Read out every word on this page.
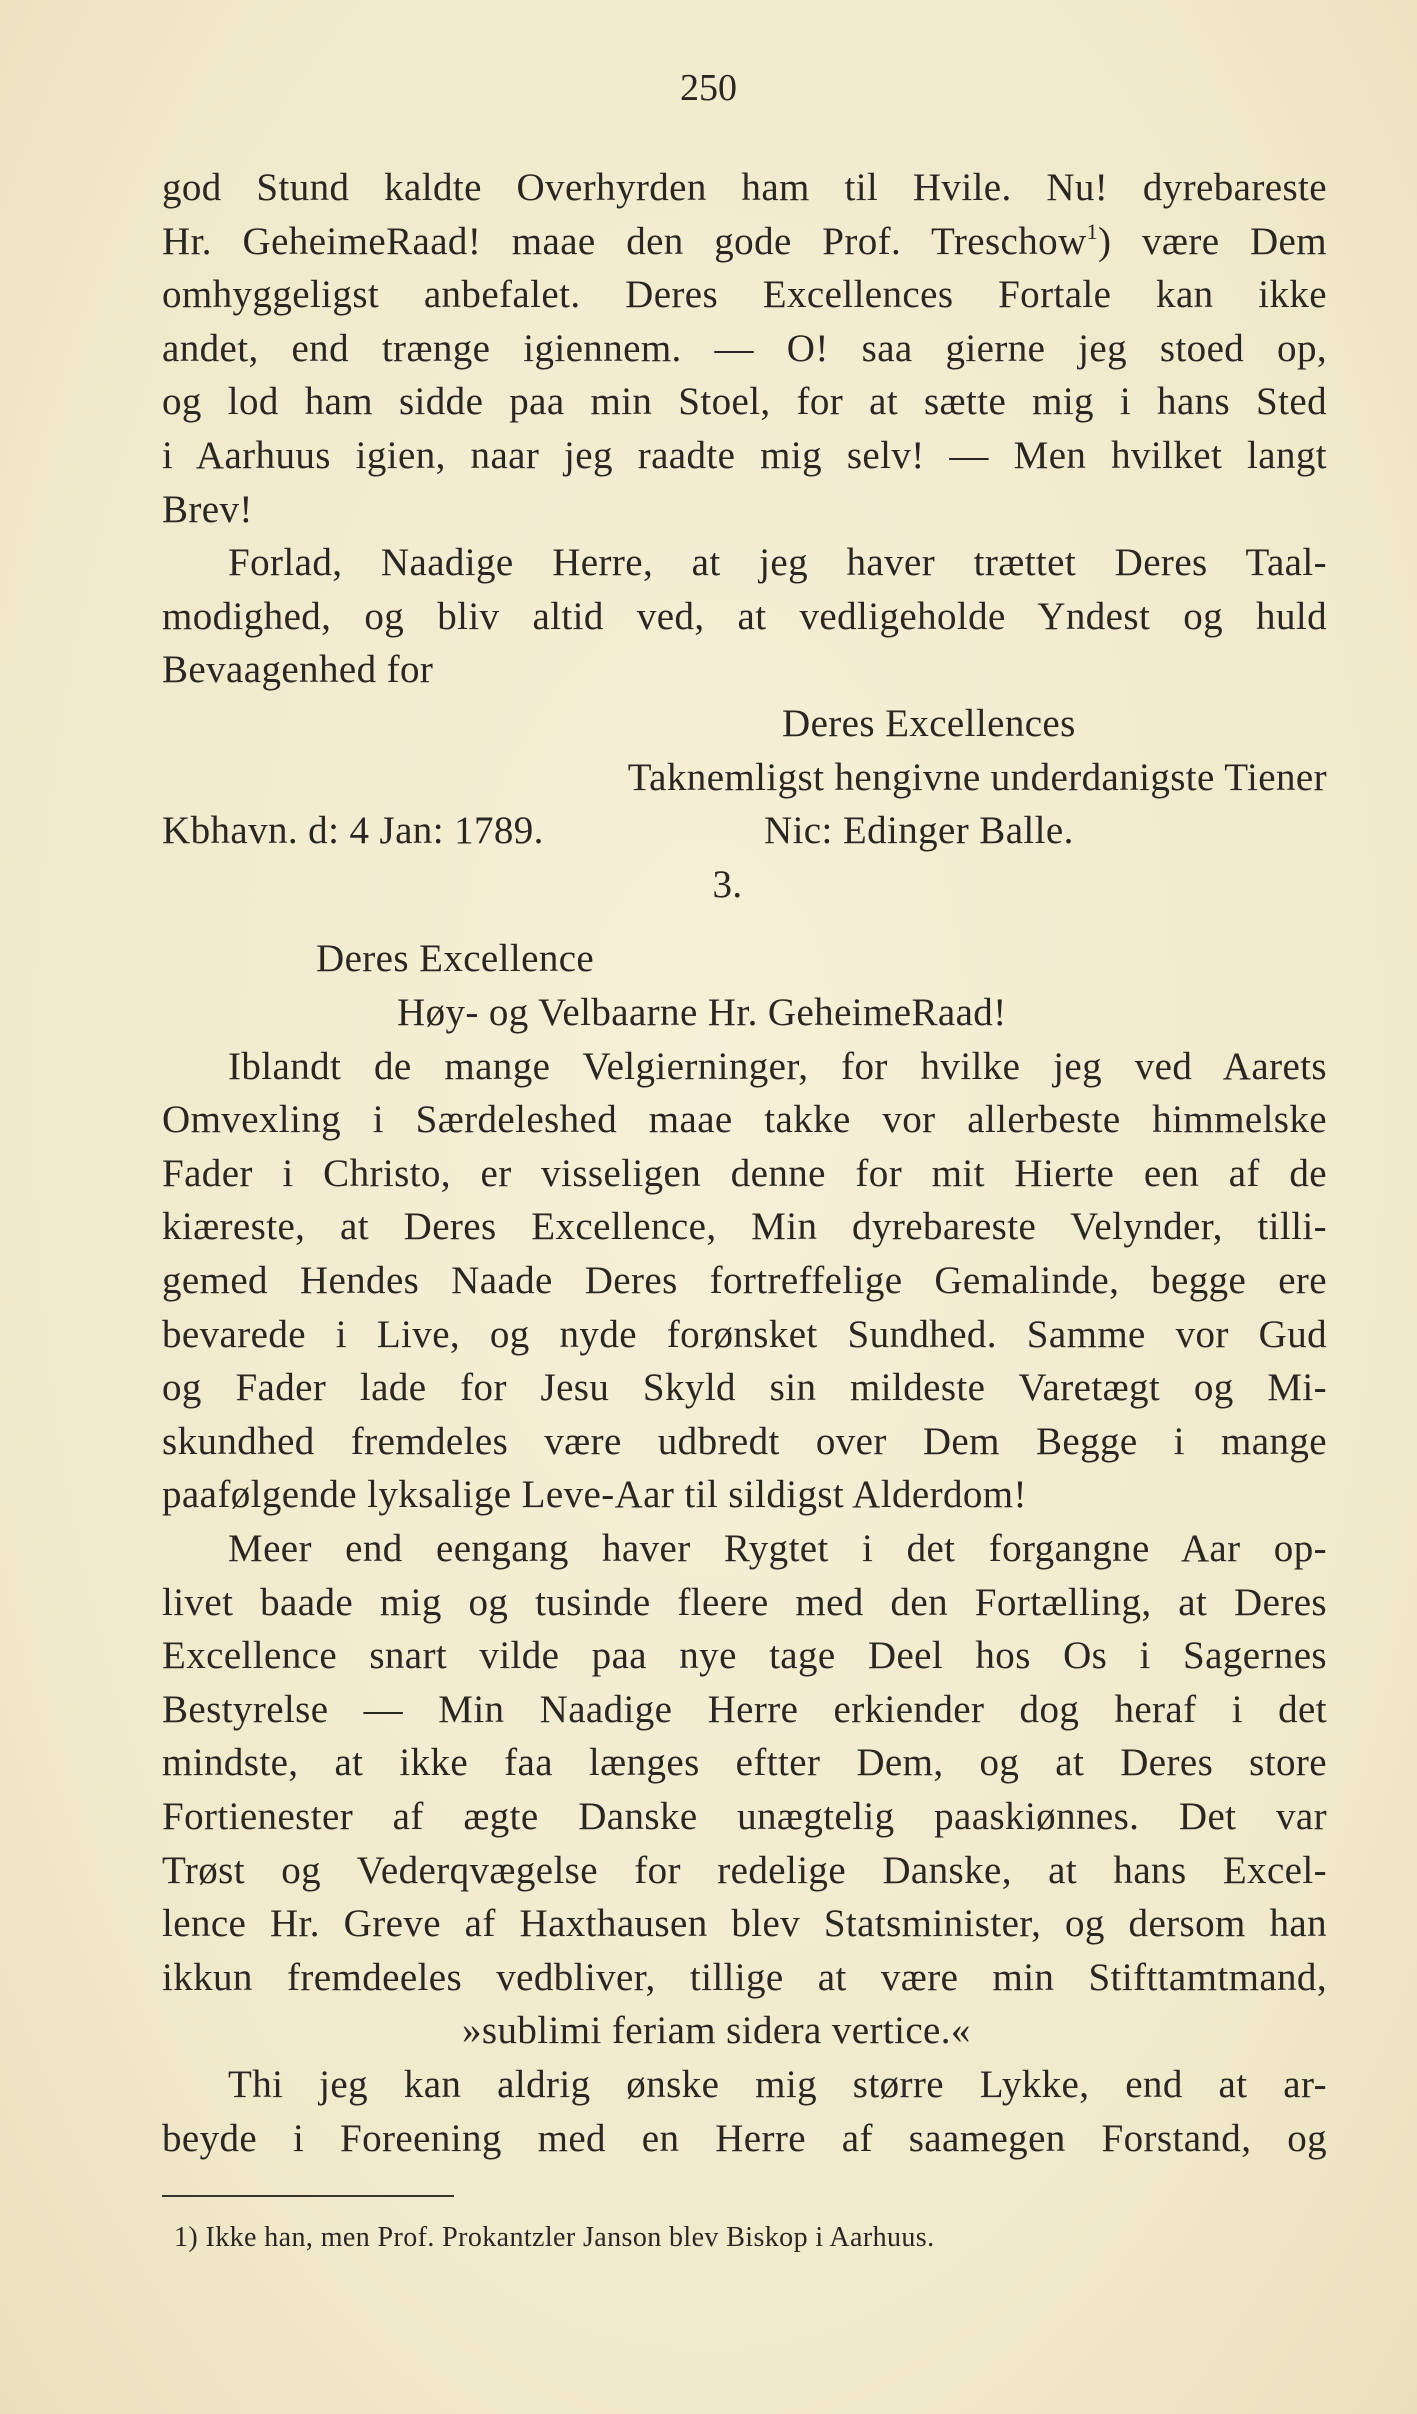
250
god Stund kaldte Overhyrden ham til Hvile. Nu! dyrebareste
Hr. GeheimeRaad! maae den gode Prof. Treschow$^1$) være Dem
omhyggeligst anbefalet. Deres Excellences Fortale kan ikke
andet, end trænge igiennem. — O! saa gierne jeg stoed op,
og lod ham sidde paa min Stoel, for at sætte mig i hans Sted
i Aarhuus igien, naar jeg raadte mig selv! — Men hvilket langt
Brev!
Forlad, Naadige Herre, at jeg haver trættet Deres Taal-
modighed, og bliv altid ved, at vedligeholde Yndest og huld
Bevaagenhed for
Deres Excellences
Taknemligst hengivne underdanigste Tiener
Kbhavn. d: 4 Jan: 1789.	Nic: Edinger Balle.
3.
Deres Excellence
Høy- og Velbaarne Hr. GeheimeRaad!
Iblandt de mange Velgierninger, for hvilke jeg ved Aarets
Omvexling i Særdeleshed maae takke vor allerbeste himmelske
Fader i Christo, er visseligen denne for mit Hierte een af de
kiæreste, at Deres Excellence, Min dyrebareste Velynder, tilli-
gemed Hendes Naade Deres fortreffelige Gemalinde, begge ere
bevarede i Live, og nyde forønsket Sundhed. Samme vor Gud
og Fader lade for Jesu Skyld sin mildeste Varetægt og Mi-
skundhed fremdeles være udbredt over Dem Begge i mange
paafølgende lyksalige Leve-Aar til sildigst Alderdom!
Meer end eengang haver Rygtet i det forgangne Aar op-
livet baade mig og tusinde fleere med den Fortælling, at Deres
Excellence snart vilde paa nye tage Deel hos Os i Sagernes
Bestyrelse — Min Naadige Herre erkiender dog heraf i det
mindste, at ikke faa længes eftter Dem, og at Deres store
Fortienester af ægte Danske unægtelig paaskiønnes. Det var
Trøst og Vederqvægelse for redelige Danske, at hans Excel-
lence Hr. Greve af Haxthausen blev Statsminister, og dersom han
ikkun fremdeeles vedbliver, tillige at være min Stifttamtmand,
»sublimi feriam sidera vertice.«
Thi jeg kan aldrig ønske mig større Lykke, end at ar-
beyde i Foreening med en Herre af saamegen Forstand, og
1) Ikke han, men Prof. Prokantzler Janson blev Biskop i Aarhuus.
